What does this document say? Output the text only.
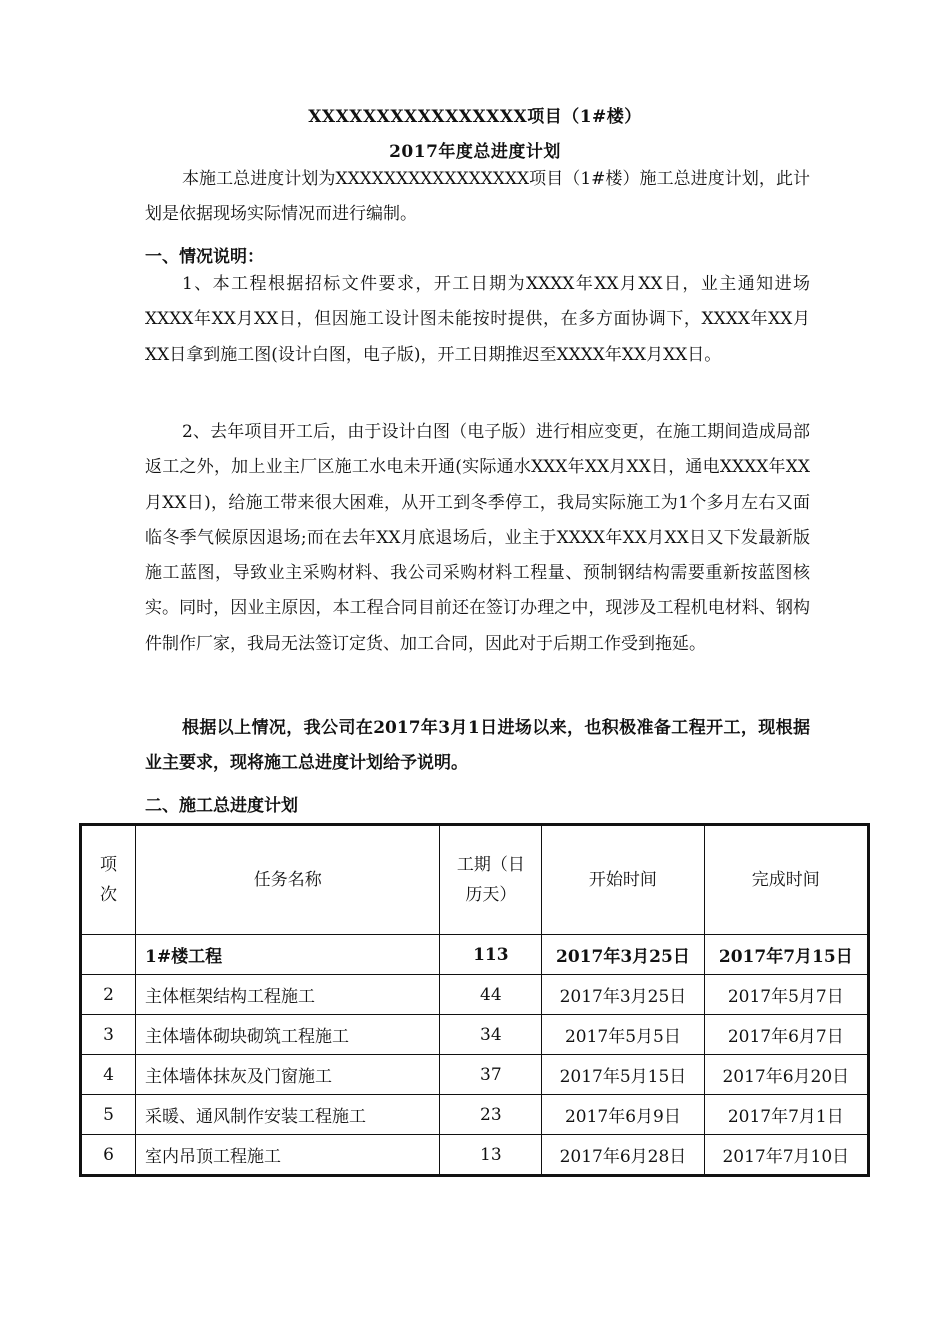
XXXXXXXXXXXXXXXX项目（1#楼）
2017年度总进度计划

本施工总进度计划为XXXXXXXXXXXXXXXX项目（1#楼）施工总进度计划，此计划是依据现场实际情况而进行编制。

一、情况说明：

1、本工程根据招标文件要求，开工日期为XXXX年XX月XX日，业主通知进场XXXX年XX月XX日，但因施工设计图未能按时提供，在多方面协调下，XXXX年XX月XX日拿到施工图(设计白图，电子版)，开工日期推迟至XXXX年XX月XX日。

2、去年项目开工后，由于设计白图（电子版）进行相应变更，在施工期间造成局部返工之外，加上业主厂区施工水电未开通(实际通水XXX年XX月XX日，通电XXXX年XX月XX日)，给施工带来很大困难，从开工到冬季停工，我局实际施工为1个多月左右又面临冬季气候原因退场;而在去年XX月底退场后，业主于XXXX年XX月XX日又下发最新版施工蓝图，导致业主采购材料、我公司采购材料工程量、预制钢结构需要重新按蓝图核实。同时，因业主原因，本工程合同目前还在签订办理之中，现涉及工程机电材料、钢构件制作厂家，我局无法签订定货、加工合同，因此对于后期工作受到拖延。

根据以上情况，我公司在2017年3月1日进场以来，也积极准备工程开工，现根据业主要求，现将施工总进度计划给予说明。

二、施工总进度计划
项次	任务名称	工期（日历天）	开始时间	完成时间
	1#楼工程	113	2017年3月25日	2017年7月15日
2	主体框架结构工程施工	44	2017年3月25日	2017年5月7日
3	主体墙体砌块砌筑工程施工	34	2017年5月5日	2017年6月7日
4	主体墙体抹灰及门窗施工	37	2017年5月15日	2017年6月20日
5	采暖、通风制作安装工程施工	23	2017年6月9日	2017年7月1日
6	室内吊顶工程施工	13	2017年6月28日	2017年7月10日
